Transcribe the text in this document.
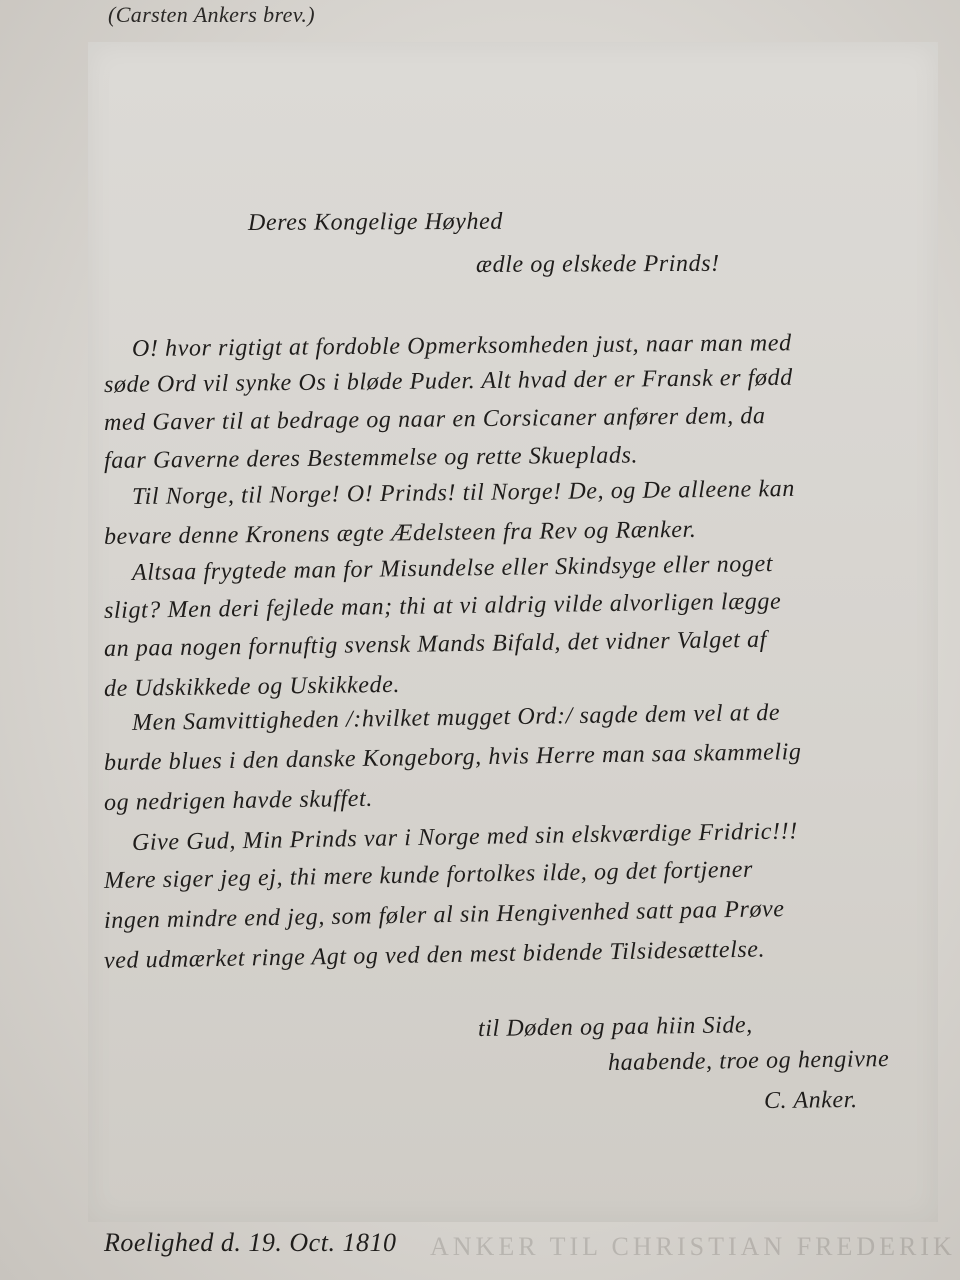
(Carsten Ankers brev.)
Deres Kongelige Høyhed
ædle og elskede Prinds!
O! hvor rigtigt at fordoble Opmerksomheden just, naar man med
søde Ord vil synke Os i bløde Puder. Alt hvad der er Fransk er fødd
med Gaver til at bedrage og naar en Corsicaner anfører dem, da
faar Gaverne deres Bestemmelse og rette Skueplads.
Til Norge, til Norge! O! Prinds! til Norge! De, og De alleene kan
bevare denne Kronens ægte Ædelsteen fra Rev og Rænker.
Altsaa frygtede man for Misundelse eller Skindsyge eller noget
sligt? Men deri fejlede man; thi at vi aldrig vilde alvorligen lægge
an paa nogen fornuftig svensk Mands Bifald, det vidner Valget af
de Udskikkede og Uskikkede.
Men Samvittigheden /:hvilket mugget Ord:/ sagde dem vel at de
burde blues i den danske Kongeborg, hvis Herre man saa skammelig
og nedrigen havde skuffet.
Give Gud, Min Prinds var i Norge med sin elskværdige Fridric!!!
Mere siger jeg ej, thi mere kunde fortolkes ilde, og det fortjener
ingen mindre end jeg, som føler al sin Hengivenhed satt paa Prøve
ved udmærket ringe Agt og ved den mest bidende Tilsidesættelse.
til Døden og paa hiin Side,
haabende, troe og hengivne
C. Anker.
Roelighed d. 19. Oct. 1810 ANKER TIL CHRISTIAN FREDERIK
